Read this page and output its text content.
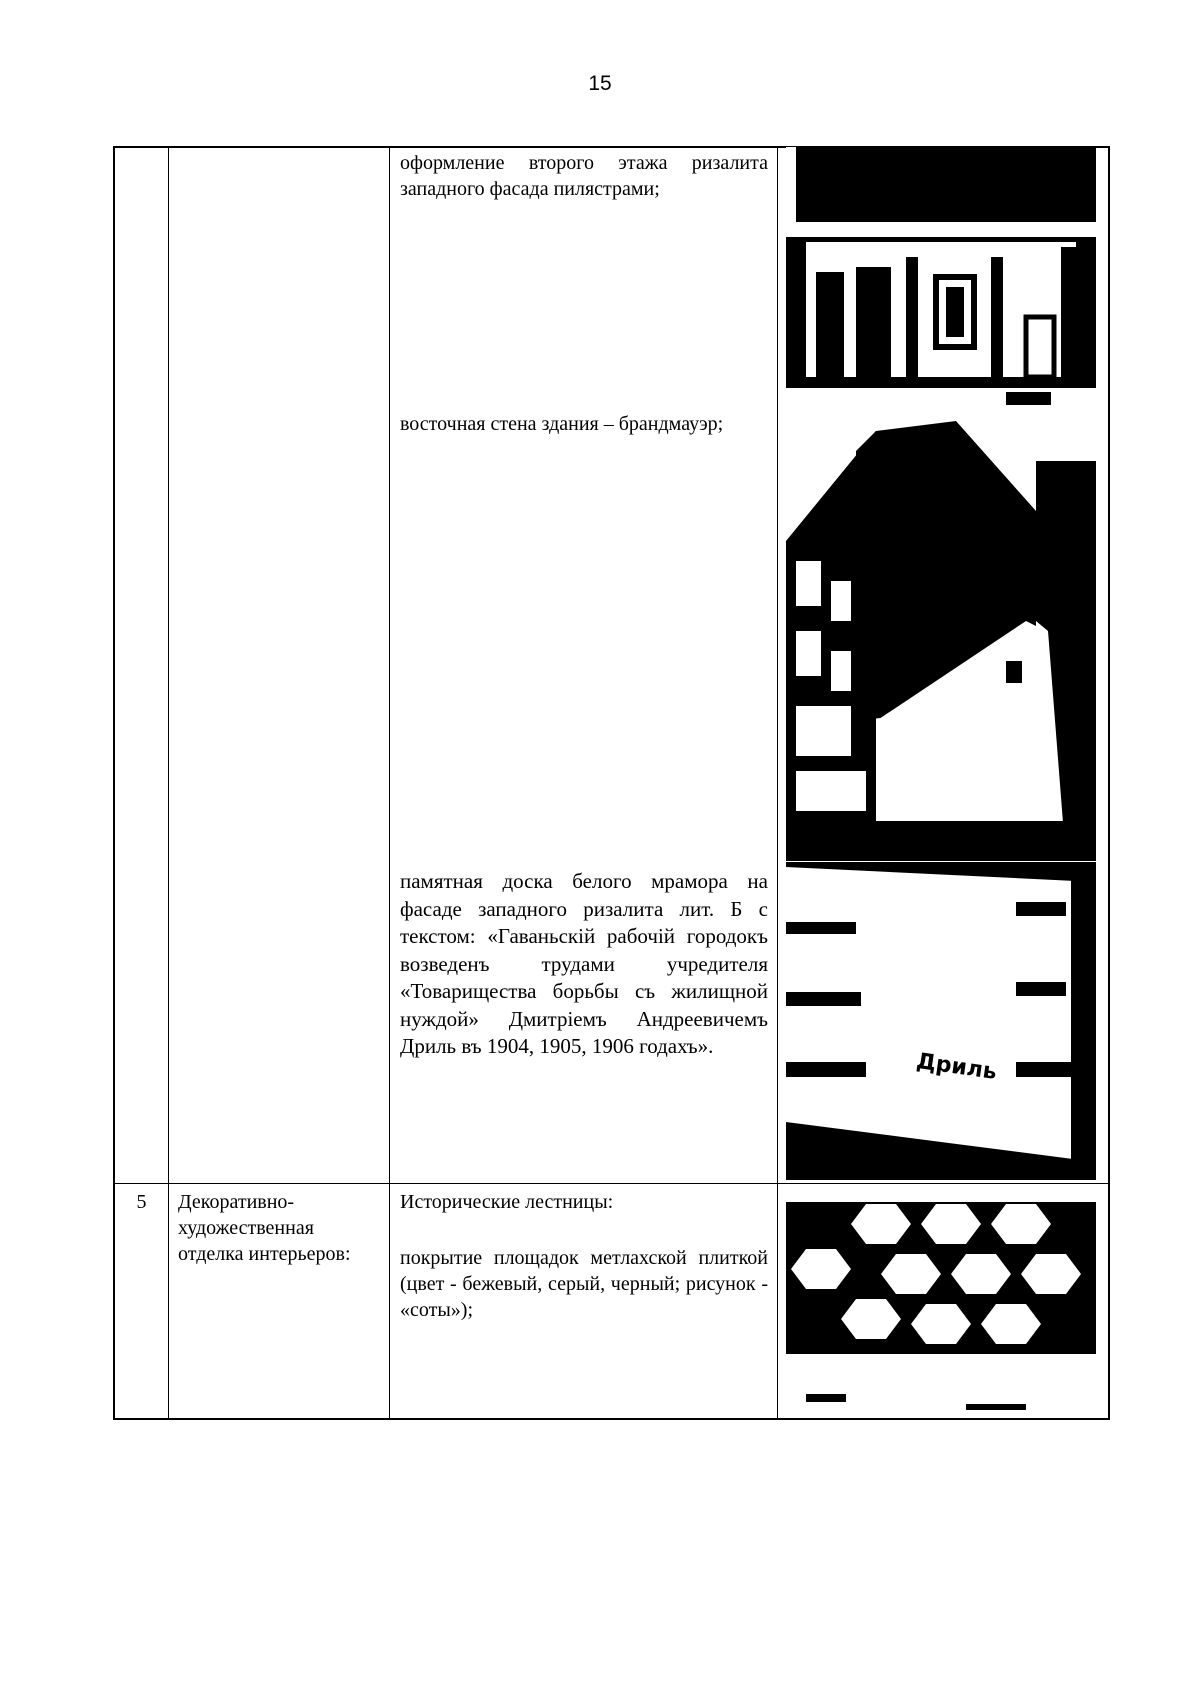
15
оформление второго этажа ризалита западного фасада пилястрами;
восточная стена здания – брандмауэр;
памятная доска белого мрамора на фасаде западного ризалита лит. Б с текстом: «Гаваньскій рабочій городокъ возведенъ трудами учредителя «Товарищества борьбы съ жилищной нуждой» Дмитріемъ Андреевичемъ Дриль въ 1904, 1905, 1906 годахъ».
5	Декоративно-художественная отделка интерьеров:
Исторические лестницы:
покрытие площадок метлахской плиткой (цвет - бежевый, серый, черный; рисунок - «соты»);
Дриль
